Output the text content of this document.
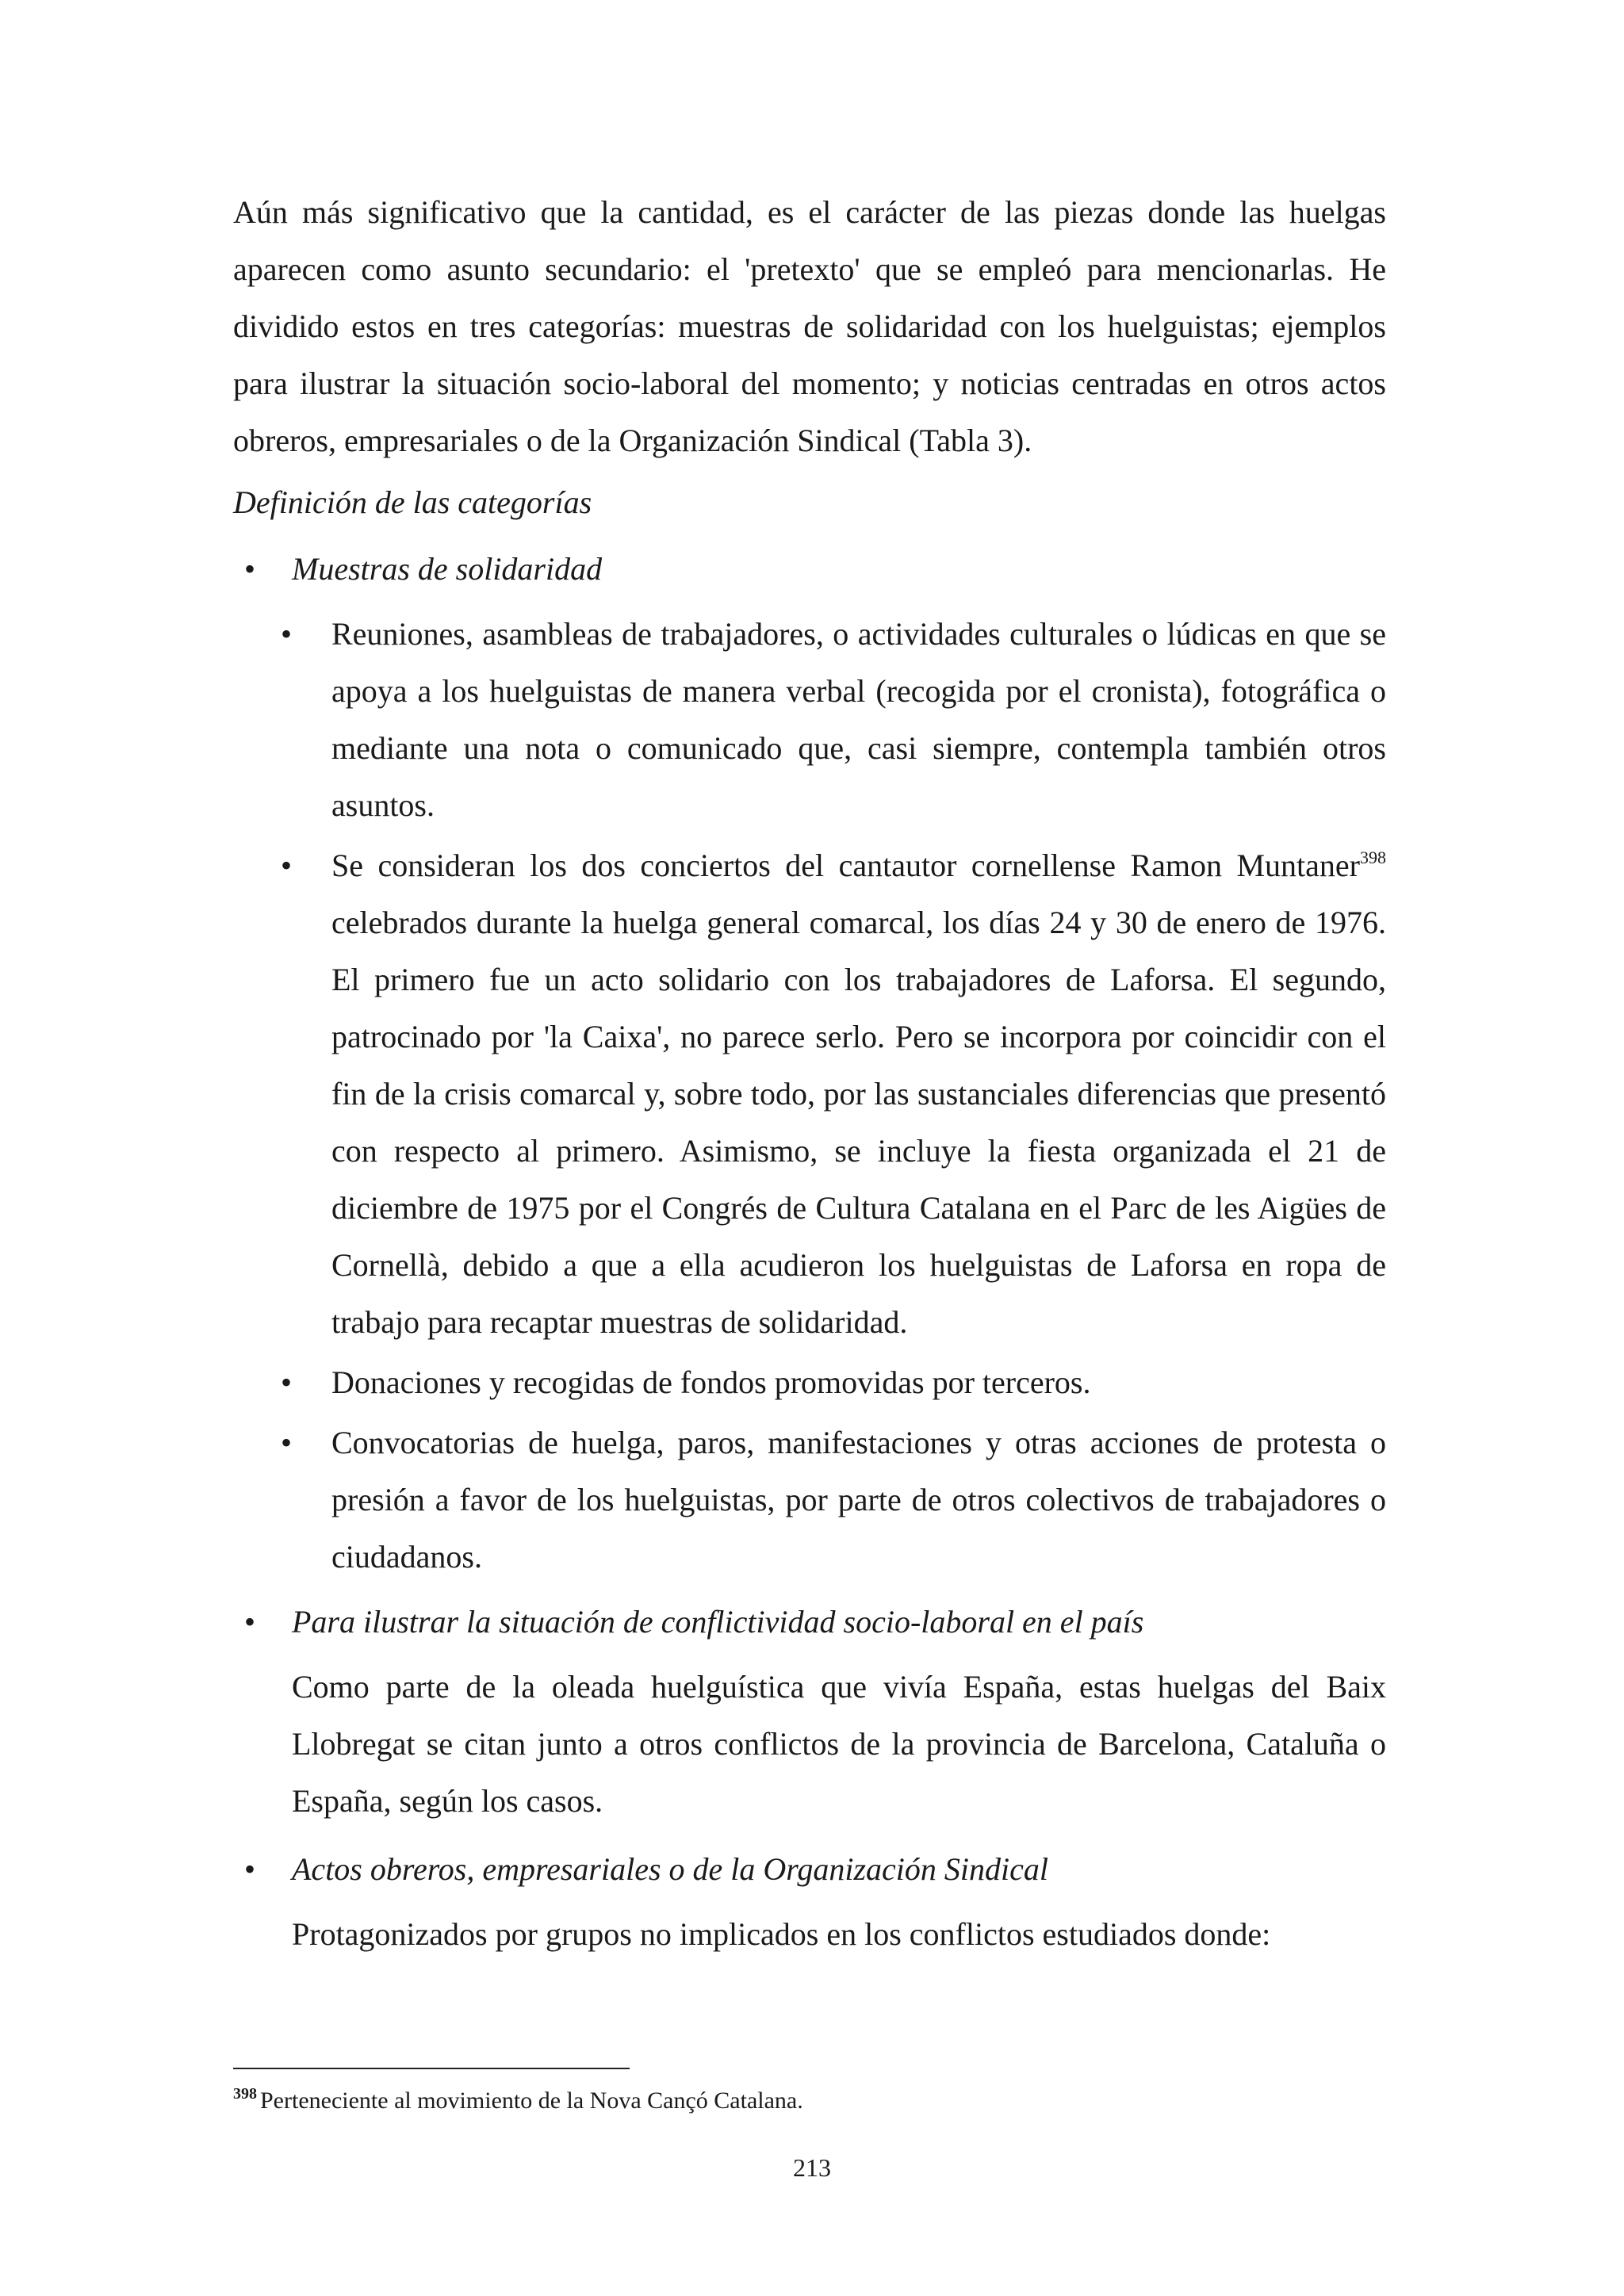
Aún más significativo que la cantidad, es el carácter de las piezas donde las huelgas aparecen como asunto secundario: el 'pretexto' que se empleó para mencionarlas. He dividido estos en tres categorías: muestras de solidaridad con los huelguistas; ejemplos para ilustrar la situación socio-laboral del momento; y noticias centradas en otros actos obreros, empresariales o de la Organización Sindical (Tabla 3).

Definición de las categorías

• Muestras de solidaridad
• Reuniones, asambleas de trabajadores, o actividades culturales o lúdicas en que se apoya a los huelguistas de manera verbal (recogida por el cronista), fotográfica o mediante una nota o comunicado que, casi siempre, contempla también otros asuntos.
• Se consideran los dos conciertos del cantautor cornellense Ramon Muntaner$^{398}$ celebrados durante la huelga general comarcal, los días 24 y 30 de enero de 1976. El primero fue un acto solidario con los trabajadores de Laforsa. El segundo, patrocinado por 'la Caixa', no parece serlo. Pero se incorpora por coincidir con el fin de la crisis comarcal y, sobre todo, por las sustanciales diferencias que presentó con respecto al primero. Asimismo, se incluye la fiesta organizada el 21 de diciembre de 1975 por el Congrés de Cultura Catalana en el Parc de les Aigües de Cornellà, debido a que a ella acudieron los huelguistas de Laforsa en ropa de trabajo para recaptar muestras de solidaridad.
• Donaciones y recogidas de fondos promovidas por terceros.
• Convocatorias de huelga, paros, manifestaciones y otras acciones de protesta o presión a favor de los huelguistas, por parte de otros colectivos de trabajadores o ciudadanos.
• Para ilustrar la situación de conflictividad socio-laboral en el país

Como parte de la oleada huelguística que vivía España, estas huelgas del Baix Llobregat se citan junto a otros conflictos de la provincia de Barcelona, Cataluña o España, según los casos.

• Actos obreros, empresariales o de la Organización Sindical

Protagonizados por grupos no implicados en los conflictos estudiados donde:

$^{398}$ Perteneciente al movimiento de la Nova Cançó Catalana.
213
